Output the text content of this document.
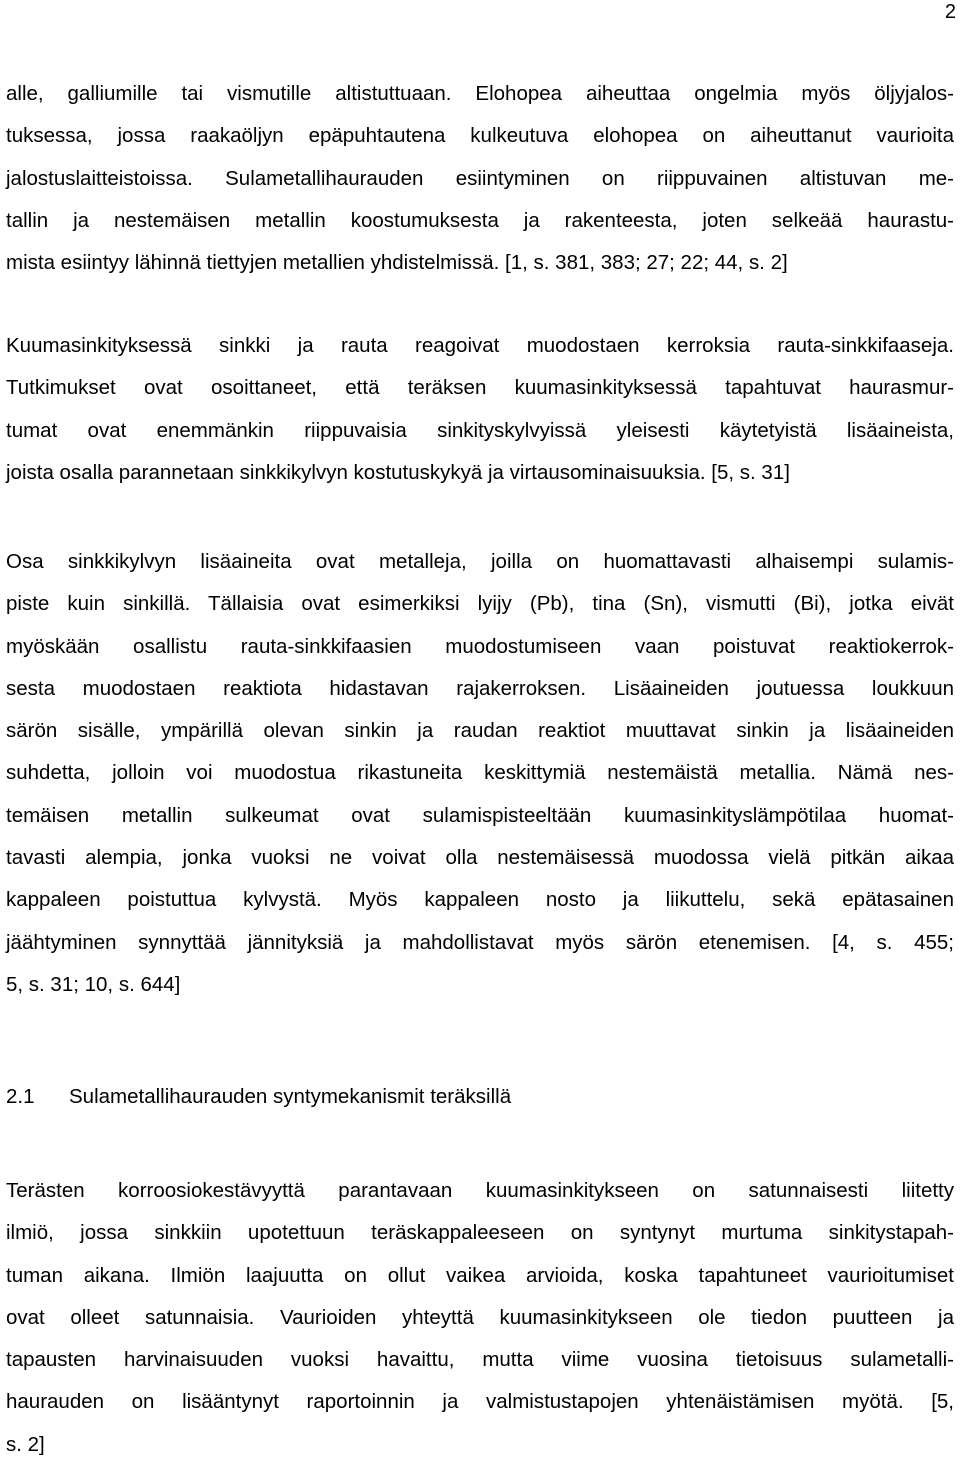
2
alle, galliumille tai vismutille altistuttuaan. Elohopea aiheuttaa ongelmia myös öljyjalos-
tuksessa, jossa raakaöljyn epäpuhtautena kulkeutuva elohopea on aiheuttanut vaurioita
jalostuslaitteistoissa. Sulametallihaurauden esiintyminen on riippuvainen altistuvan me-
tallin ja nestemäisen metallin koostumuksesta ja rakenteesta, joten selkeää haurastu-
mista esiintyy lähinnä tiettyjen metallien yhdistelmissä. [1, s. 381, 383; 27; 22; 44, s. 2]
Kuumasinkityksessä sinkki ja rauta reagoivat muodostaen kerroksia rauta-sinkkifaaseja.
Tutkimukset ovat osoittaneet, että teräksen kuumasinkityksessä tapahtuvat haurasmur-
tumat ovat enemmänkin riippuvaisia sinkityskylvyissä yleisesti käytetyistä lisäaineista,
joista osalla parannetaan sinkkikylvyn kostutuskykyä ja virtausominaisuuksia. [5, s. 31]
Osa sinkkikylvyn lisäaineita ovat metalleja, joilla on huomattavasti alhaisempi sulamis-
piste kuin sinkillä. Tällaisia ovat esimerkiksi lyijy (Pb), tina (Sn), vismutti (Bi), jotka eivät
myöskään osallistu rauta-sinkkifaasien muodostumiseen vaan poistuvat reaktiokerrok-
sesta muodostaen reaktiota hidastavan rajakerroksen. Lisäaineiden joutuessa loukkuun
särön sisälle, ympärillä olevan sinkin ja raudan reaktiot muuttavat sinkin ja lisäaineiden
suhdetta, jolloin voi muodostua rikastuneita keskittymiä nestemäistä metallia. Nämä nes-
temäisen metallin sulkeumat ovat sulamispisteeltään kuumasinkityslämpötilaa huomat-
tavasti alempia, jonka vuoksi ne voivat olla nestemäisessä muodossa vielä pitkän aikaa
kappaleen poistuttua kylvystä. Myös kappaleen nosto ja liikuttelu, sekä epätasainen
jäähtyminen synnyttää jännityksiä ja mahdollistavat myös särön etenemisen. [4, s. 455;
5, s. 31; 10, s. 644]
2.1 Sulametallihaurauden syntymekanismit teräksillä
Terästen korroosiokestävyyttä parantavaan kuumasinkitykseen on satunnaisesti liitetty
ilmiö, jossa sinkkiin upotettuun teräskappaleeseen on syntynyt murtuma sinkitystapah-
tuman aikana. Ilmiön laajuutta on ollut vaikea arvioida, koska tapahtuneet vaurioitumiset
ovat olleet satunnaisia. Vaurioiden yhteyttä kuumasinkitykseen ole tiedon puutteen ja
tapausten harvinaisuuden vuoksi havaittu, mutta viime vuosina tietoisuus sulametalli-
haurauden on lisääntynyt raportoinnin ja valmistustapojen yhtenäistämisen myötä. [5,
s. 2]
